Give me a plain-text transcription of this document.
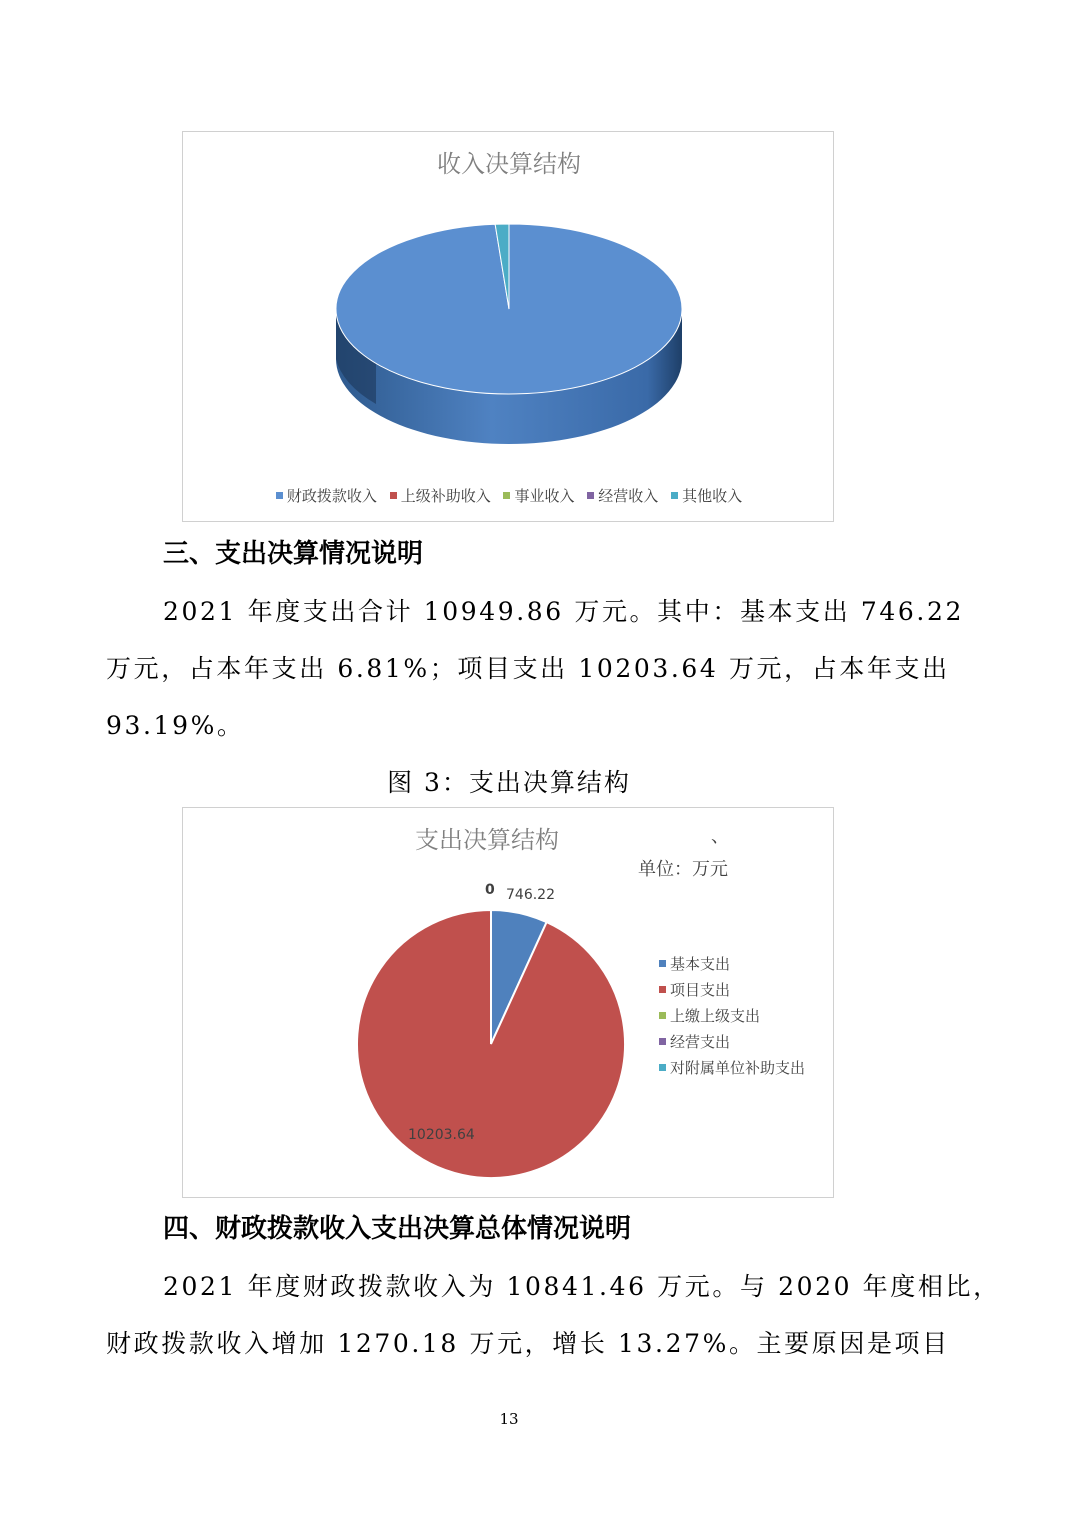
收入决算结构
财政拨款收入 上级补助收入 事业收入 经营收入 其他收入
三、支出决算情况说明
2021 年度支出合计 10949.86 万元。其中：基本支出 746.22
万元，占本年支出 6.81%；项目支出 10203.64 万元，占本年支出
93.19%。
图 3：支出决算结构
支出决算结构	、
单位：万元
746.22
10203.64
0
基本支出
项目支出
上缴上级支出
经营支出
对附属单位补助支出
四、财政拨款收入支出决算总体情况说明
2021 年度财政拨款收入为 10841.46 万元。与 2020 年度相比，
财政拨款收入增加 1270.18 万元，增长 13.27%。主要原因是项目
13
